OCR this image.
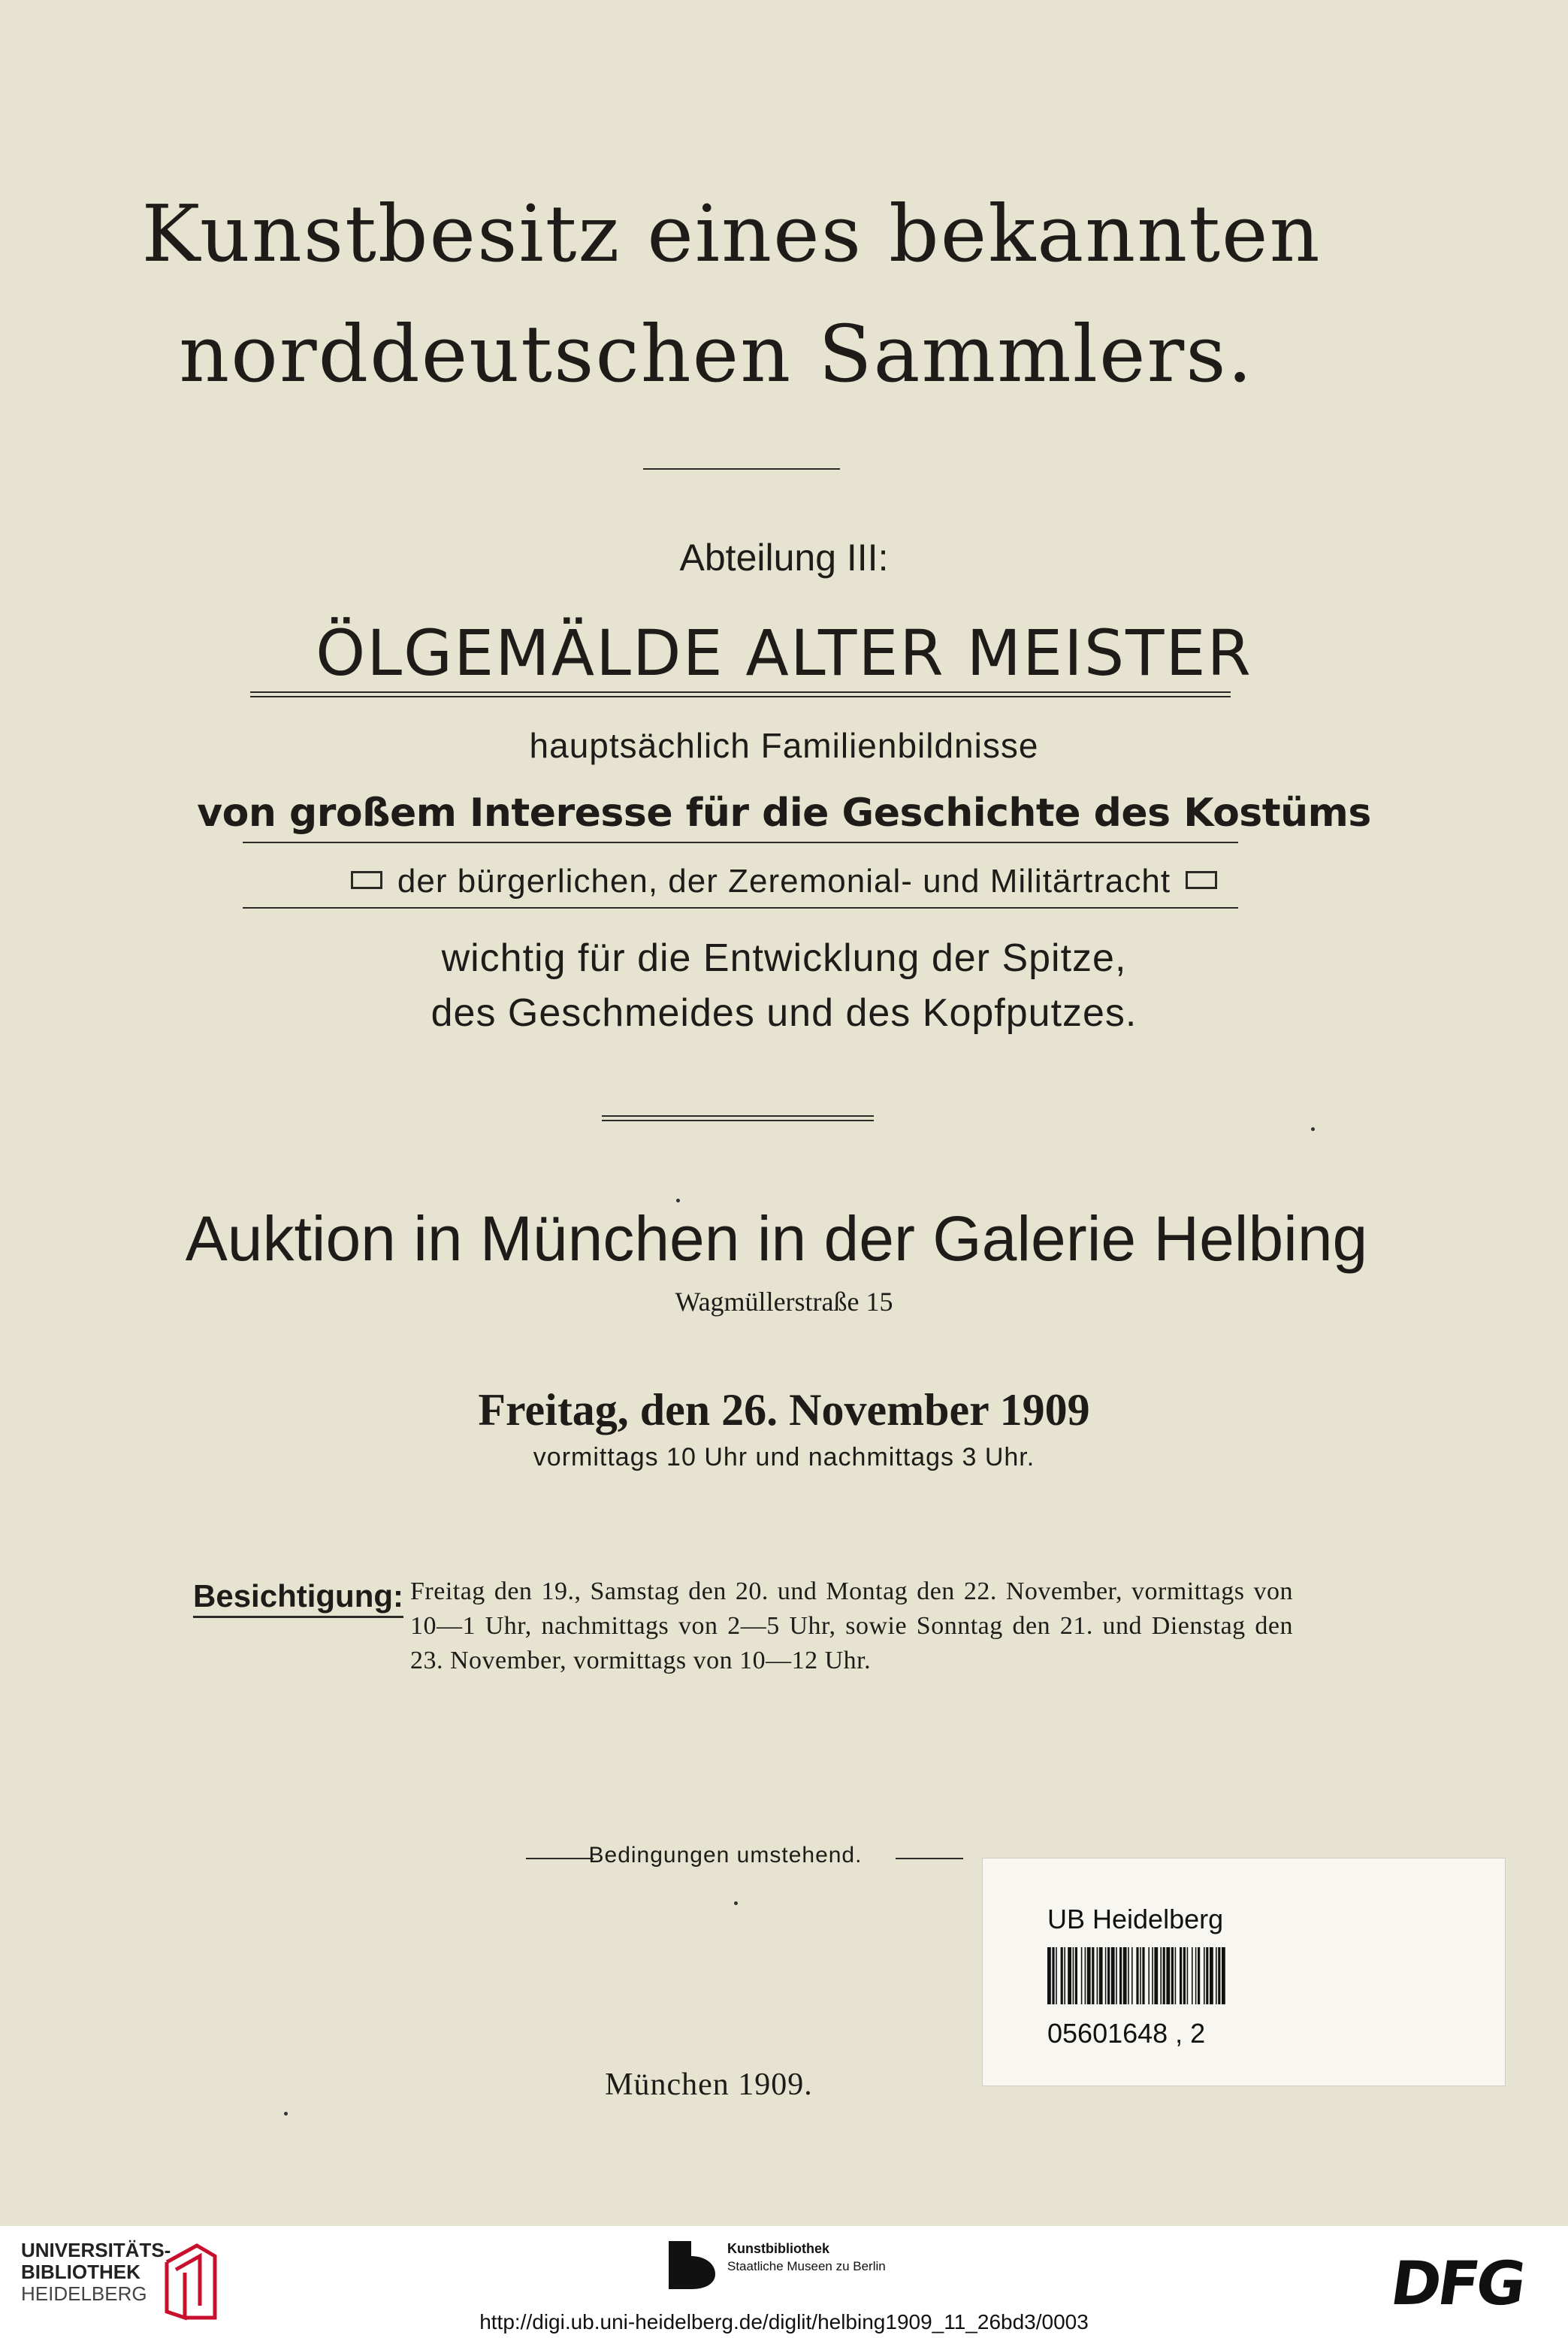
Kunstbesitz eines bekannten
norddeutschen Sammlers.
Abteilung III:
ÖLGEMÄLDE ALTER MEISTER
hauptsächlich Familienbildnisse
von großem Interesse für die Geschichte des Kostüms
der bürgerlichen, der Zeremonial- und Militärtracht
wichtig für die Entwicklung der Spitze,
des Geschmeides und des Kopfputzes.
Auktion in München in der Galerie Helbing
Wagmüllerstraße 15
Freitag, den 26. November 1909
vormittags 10 Uhr und nachmittags 3 Uhr.
Besichtigung: Freitag den 19., Samstag den 20. und Montag den 22. November, vormittags von 10—1 Uhr, nachmittags von 2—5 Uhr, sowie Sonntag den 21. und Dienstag den 23. November, vormittags von 10—12 Uhr.
Bedingungen umstehend.
München 1909.
UB Heidelberg
05601648 , 2
UNIVERSITÄTS-
BIBLIOTHEK
HEIDELBERG
Kunstbibliothek
Staatliche Museen zu Berlin	DFG
http://digi.ub.uni-heidelberg.de/diglit/helbing1909_11_26bd3/0003
